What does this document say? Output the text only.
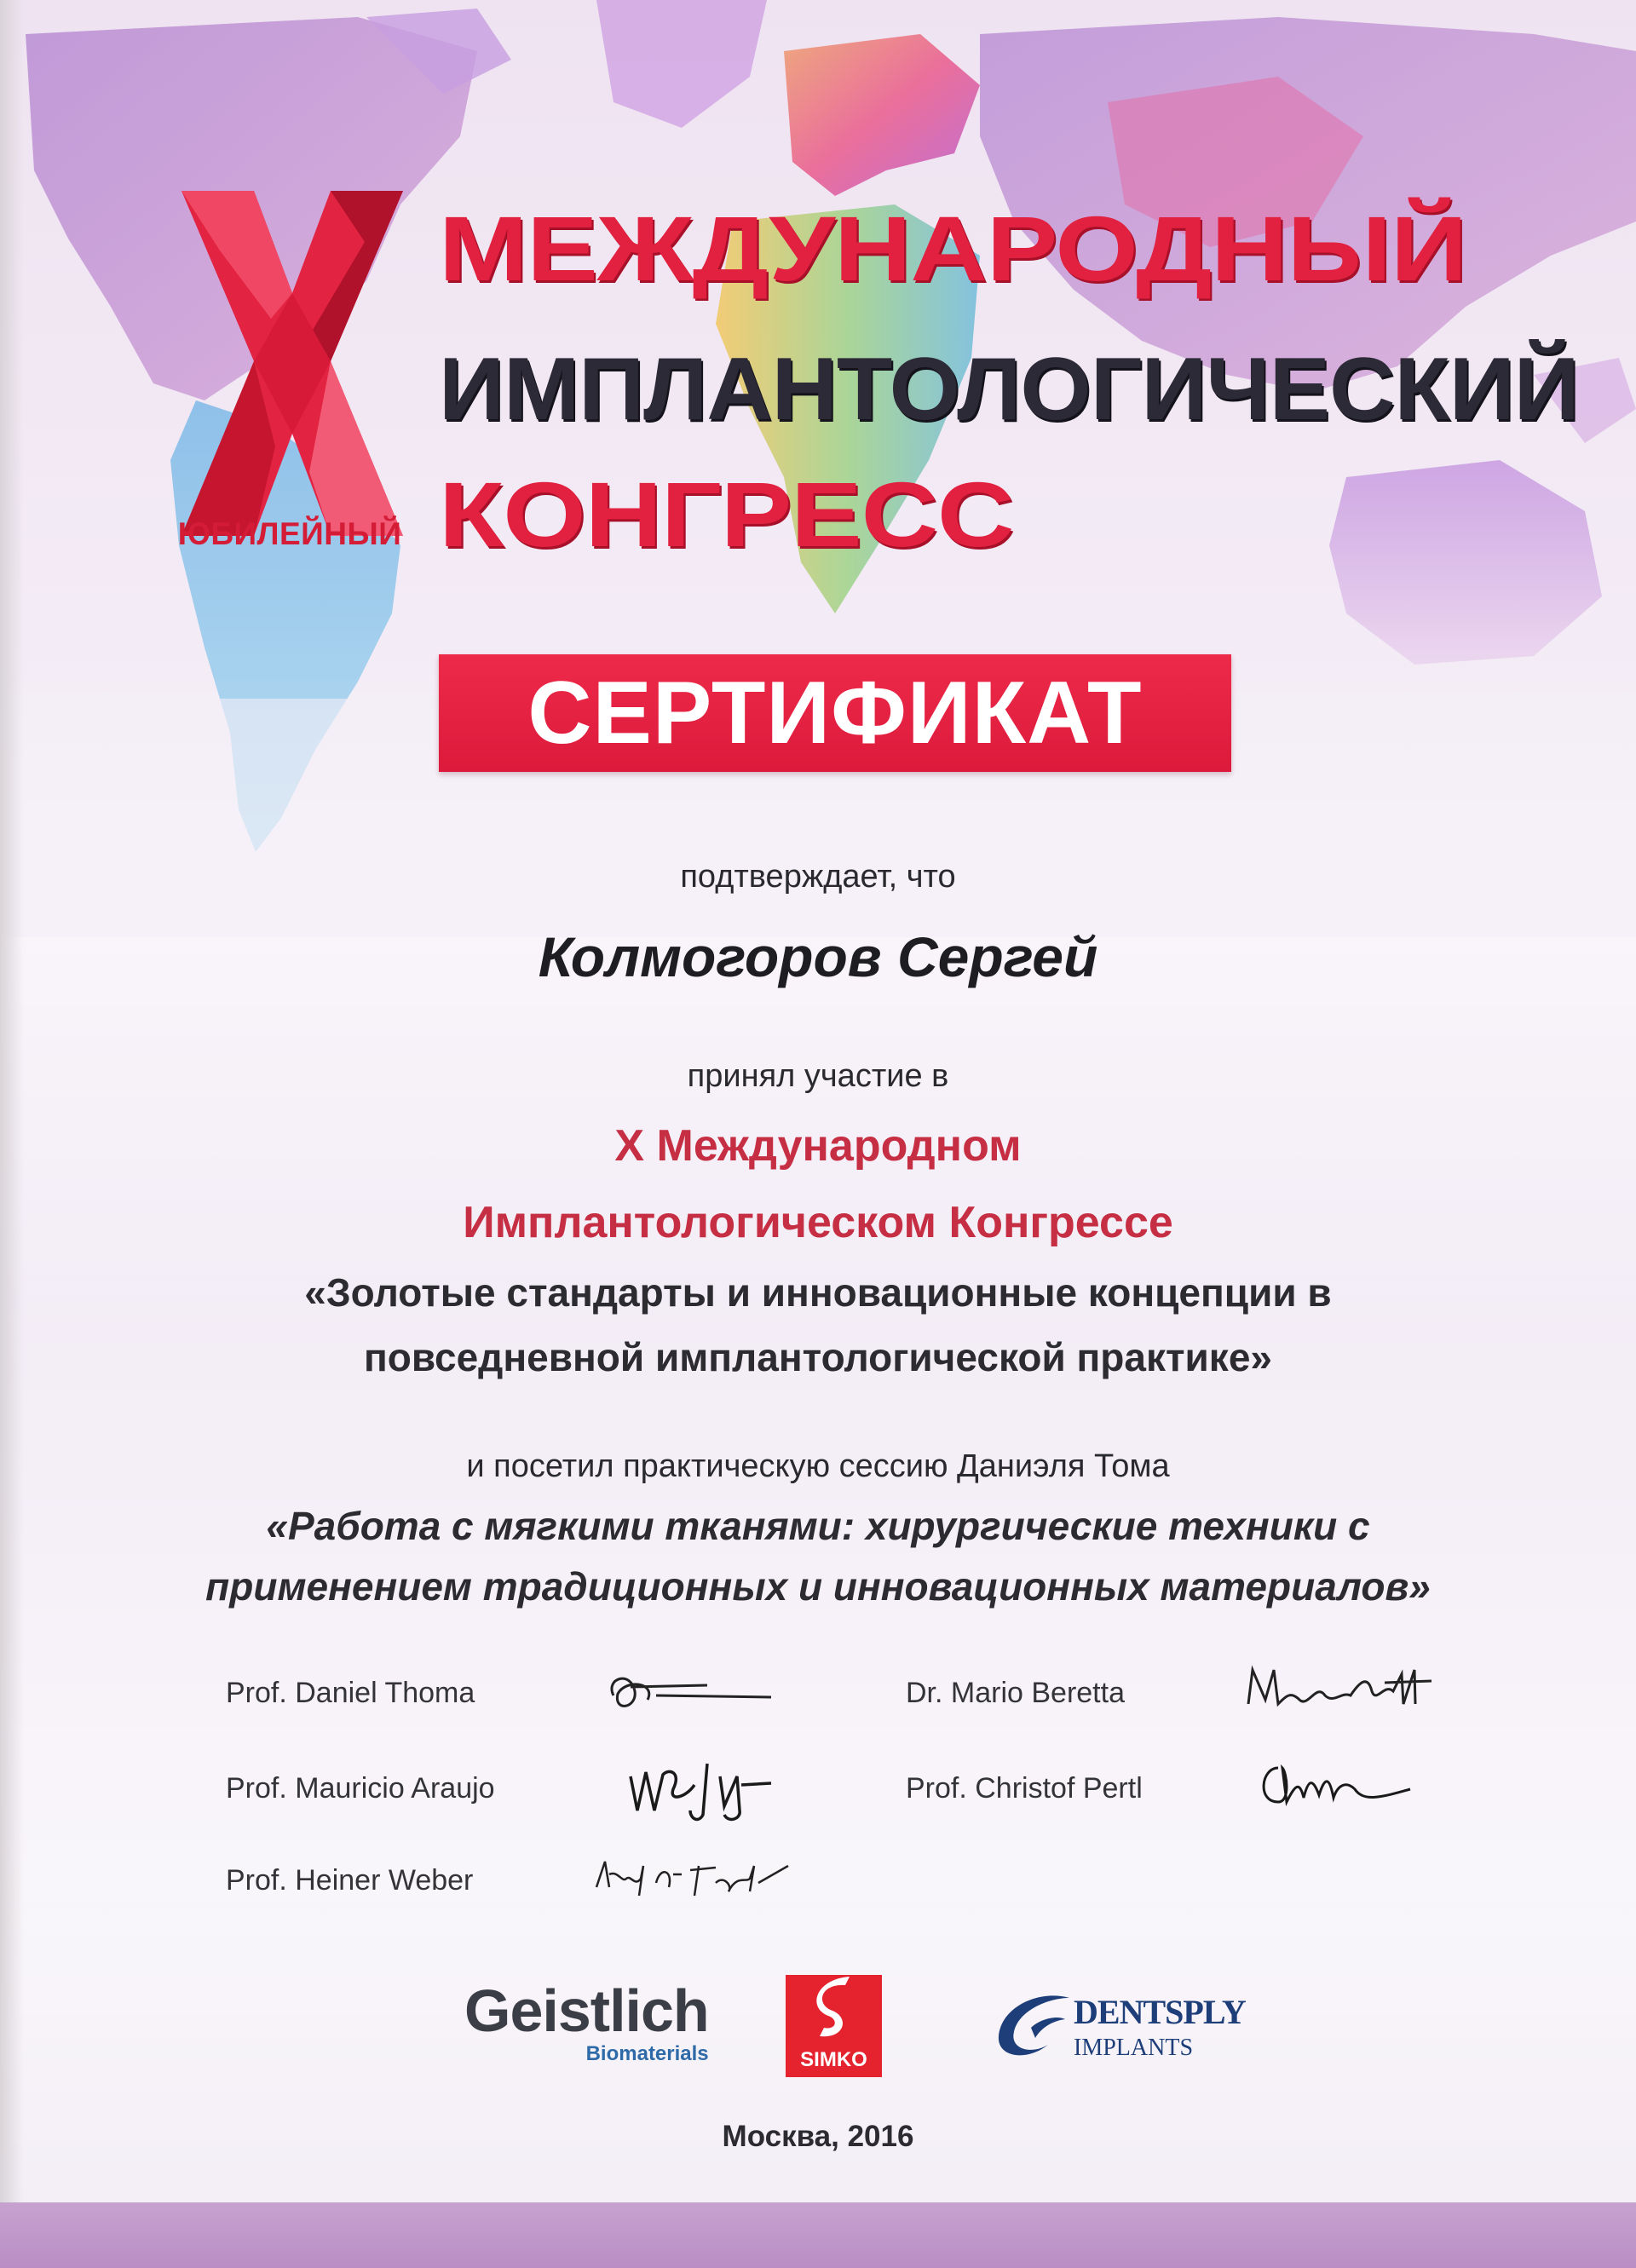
ЮБИЛЕЙНЫЙ
МЕЖДУНАРОДНЫЙ
ИМПЛАНТОЛОГИЧЕСКИЙ
КОНГРЕСС
СЕРТИФИКАТ
подтверждает, что
Колмогоров Сергей
принял участие в
X Международном
Имплантологическом Конгрессе
«Золотые стандарты и инновационные концепции в
повседневной имплантологической практике»
и посетил практическую сессию Даниэля Тома
«Работа с мягкими тканями: хирургические техники с
применением традиционных и инновационных материалов»
Prof. Daniel Thoma	Dr. Mario Beretta
Prof. Mauricio Araujo	Prof. Christof Pertl
Prof. Heiner Weber
Geistlich
Biomaterials	SIMKO
DENTSPLY
IMPLANTS
Москва, 2016
